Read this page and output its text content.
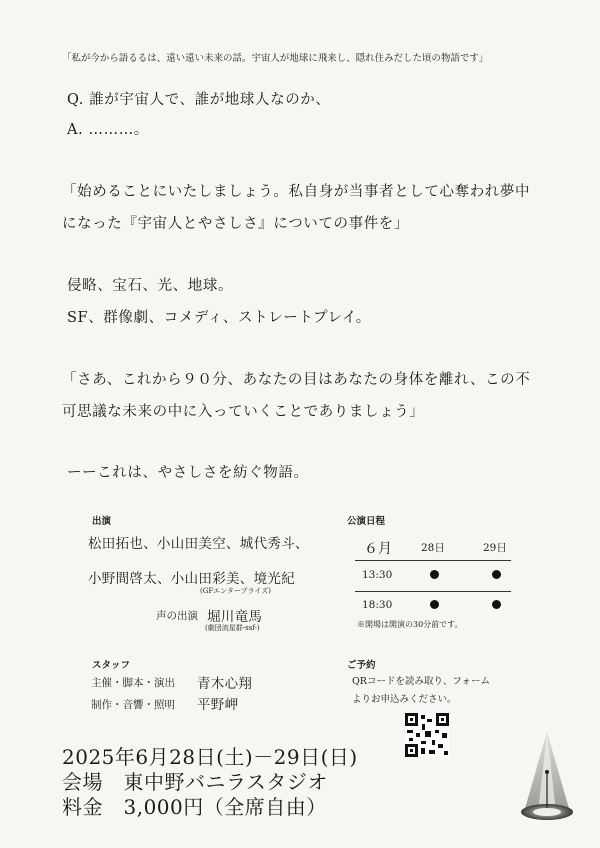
「私が今から語るるは、遠い遠い未来の話。宇宙人が地球に飛来し、隠れ住みだした頃の物語です」
Q. 誰が宇宙人で、誰が地球人なのか、
A. ………。
「始めることにいたしましょう。私自身が当事者として心奪われ夢中
になった『宇宙人とやさしさ』についての事件を」
侵略、宝石、光、地球。
SF、群像劇、コメディ、ストレートプレイ。
「さあ、これから９０分、あなたの目はあなたの身体を離れ、この不
可思議な未来の中に入っていくことでありましょう」
ーーこれは、やさしさを紡ぐ物語。
出演
松田拓也、小山田美空、城代秀斗、
小野間啓太、小山田彩美、境光紀
(GFエンタープライズ)
声の出演 堀川竜馬
(劇団流星群-ssf-)
スタッフ
主催・脚本・演出 青木心翔
制作・音響・照明 平野岬
公演日程
６月	28日	29日
13:30
18:30
※開場は開演の30分前です。
ご予約
QRコードを読み取り、フォーム
よりお申込みください。
2025年6月28日(土)－29日(日)
会場　東中野バニラスタジオ
料金　3,000円（全席自由）
